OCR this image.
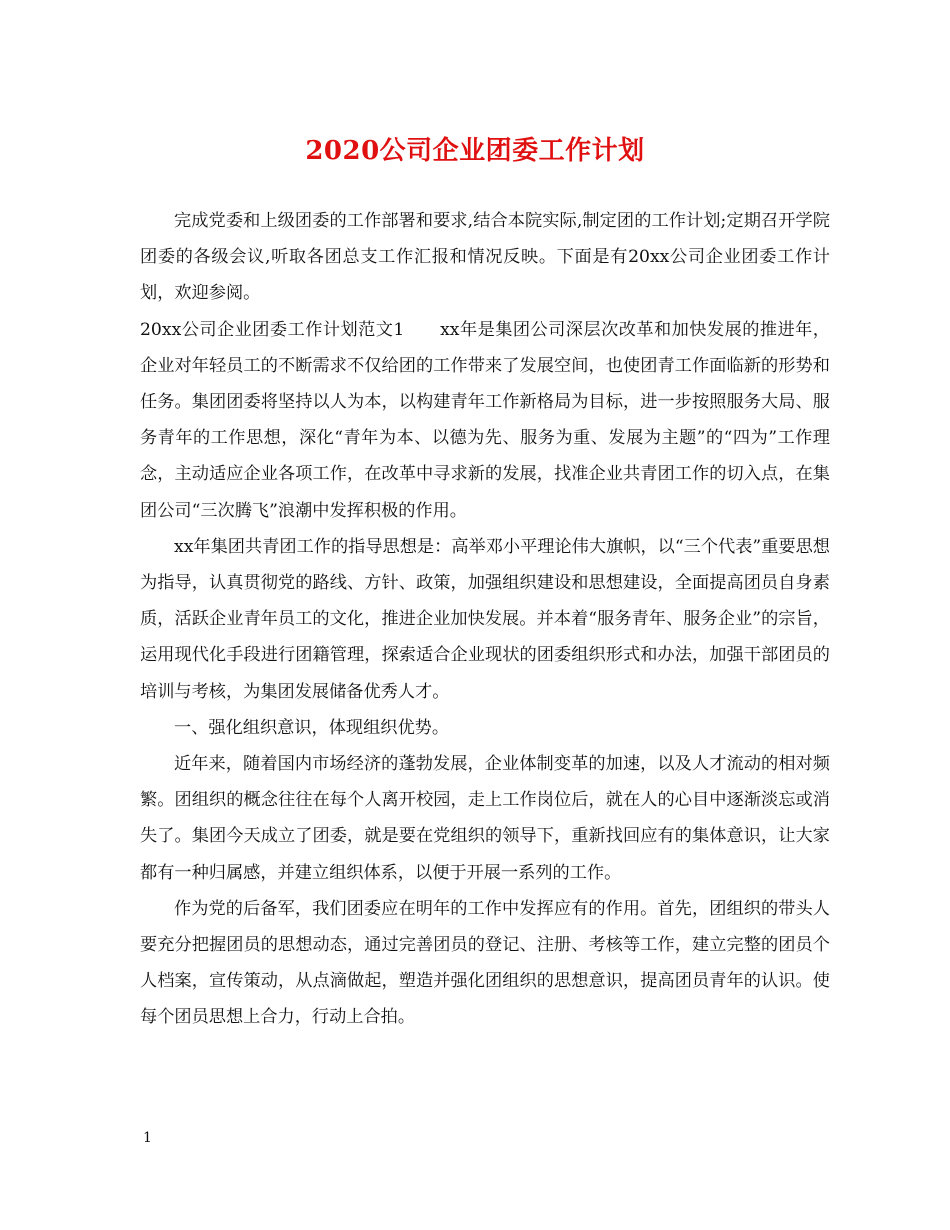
2020公司企业团委工作计划

完成党委和上级团委的工作部署和要求,结合本院实际,制定团的工作计划;定期召开学院团委的各级会议,听取各团总支工作汇报和情况反映。下面是有20xx公司企业团委工作计划，欢迎参阅。

20xx公司企业团委工作计划范文1　　xx年是集团公司深层次改革和加快发展的推进年，企业对年轻员工的不断需求不仅给团的工作带来了发展空间，也使团青工作面临新的形势和任务。集团团委将坚持以人为本，以构建青年工作新格局为目标，进一步按照服务大局、服务青年的工作思想，深化“青年为本、以德为先、服务为重、发展为主题”的“四为”工作理念，主动适应企业各项工作，在改革中寻求新的发展，找准企业共青团工作的切入点，在集团公司“三次腾飞”浪潮中发挥积极的作用。

xx年集团共青团工作的指导思想是：高举邓小平理论伟大旗帜，以“三个代表”重要思想为指导，认真贯彻党的路线、方针、政策，加强组织建设和思想建设，全面提高团员自身素质，活跃企业青年员工的文化，推进企业加快发展。并本着“服务青年、服务企业”的宗旨，运用现代化手段进行团籍管理，探索适合企业现状的团委组织形式和办法，加强干部团员的培训与考核，为集团发展储备优秀人才。

一、强化组织意识，体现组织优势。

近年来，随着国内市场经济的蓬勃发展，企业体制变革的加速，以及人才流动的相对频繁。团组织的概念往往在每个人离开校园，走上工作岗位后，就在人的心目中逐渐淡忘或消失了。集团今天成立了团委，就是要在党组织的领导下，重新找回应有的集体意识，让大家都有一种归属感，并建立组织体系，以便于开展一系列的工作。

作为党的后备军，我们团委应在明年的工作中发挥应有的作用。首先，团组织的带头人要充分把握团员的思想动态，通过完善团员的登记、注册、考核等工作，建立完整的团员个人档案，宣传策动，从点滴做起，塑造并强化团组织的思想意识，提高团员青年的认识。使每个团员思想上合力，行动上合拍。

1
